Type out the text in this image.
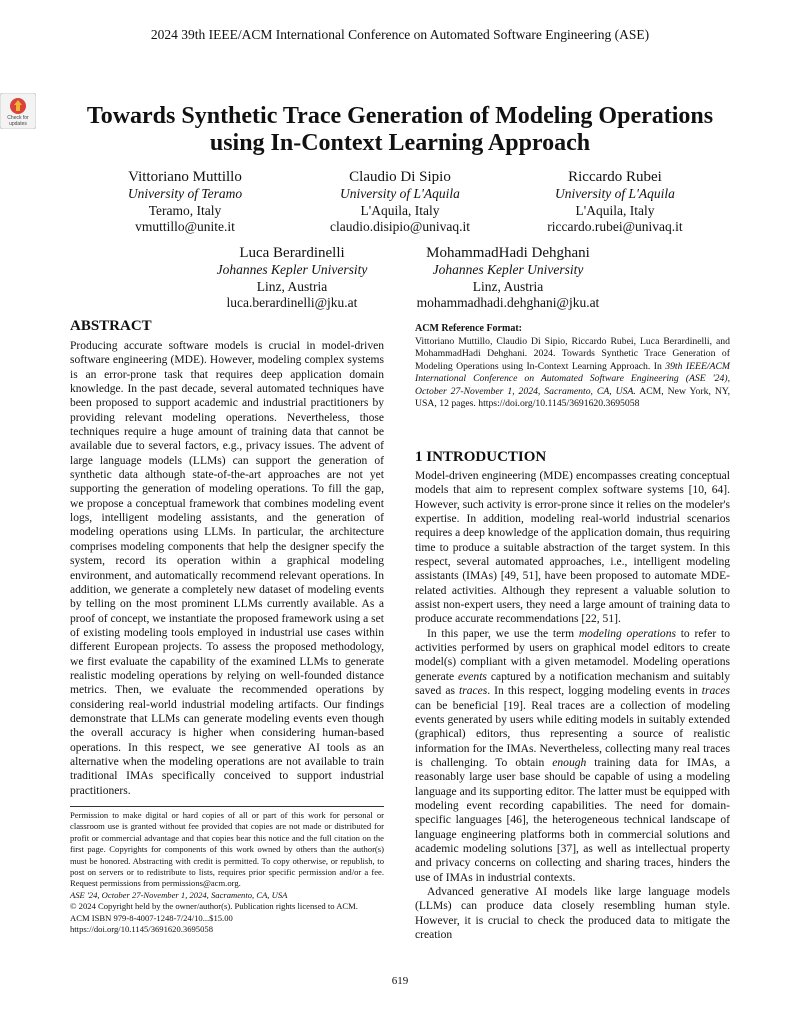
2024 39th IEEE/ACM International Conference on Automated Software Engineering (ASE)
Check for updates	Towards Synthetic Trace Generation of Modeling Operations
using In-Context Learning Approach
Vittoriano Muttillo
University of Teramo
Teramo, Italy
vmuttillo@unite.it
Claudio Di Sipio
University of L'Aquila
L'Aquila, Italy
claudio.disipio@univaq.it
Riccardo Rubei
University of L'Aquila
L'Aquila, Italy
riccardo.rubei@univaq.it
Luca Berardinelli
Johannes Kepler University
Linz, Austria
luca.berardinelli@jku.at
MohammadHadi Dehghani
Johannes Kepler University
Linz, Austria
mohammadhadi.dehghani@jku.at
ABSTRACT
Producing accurate software models is crucial in model-driven software engineering (MDE). However, modeling complex systems is an error-prone task that requires deep application domain knowledge. In the past decade, several automated techniques have been proposed to support academic and industrial practitioners by providing relevant modeling operations. Nevertheless, those techniques require a huge amount of training data that cannot be available due to several factors, e.g., privacy issues. The advent of large language models (LLMs) can support the generation of synthetic data although state-of-the-art approaches are not yet supporting the generation of modeling operations. To fill the gap, we propose a conceptual framework that combines modeling event logs, intelligent modeling assistants, and the generation of modeling operations using LLMs. In particular, the architecture comprises modeling components that help the designer specify the system, record its operation within a graphical modeling environment, and automatically recommend relevant operations. In addition, we generate a completely new dataset of modeling events by telling on the most prominent LLMs currently available. As a proof of concept, we instantiate the proposed framework using a set of existing modeling tools employed in industrial use cases within different European projects. To assess the proposed methodology, we first evaluate the capability of the examined LLMs to generate realistic modeling operations by relying on well-founded distance metrics. Then, we evaluate the recommended operations by considering real-world industrial modeling artifacts. Our findings demonstrate that LLMs can generate modeling events even though the overall accuracy is higher when considering human-based operations. In this respect, we see generative AI tools as an alternative when the modeling operations are not available to train traditional IMAs specifically conceived to support industrial practitioners.
Permission to make digital or hard copies of all or part of this work for personal or classroom use is granted without fee provided that copies are not made or distributed for profit or commercial advantage and that copies bear this notice and the full citation on the first page. Copyrights for components of this work owned by others than the author(s) must be honored. Abstracting with credit is permitted. To copy otherwise, or republish, to post on servers or to redistribute to lists, requires prior specific permission and/or a fee. Request permissions from permissions@acm.org.
ASE '24, October 27-November 1, 2024, Sacramento, CA, USA
© 2024 Copyright held by the owner/author(s). Publication rights licensed to ACM.
ACM ISBN 979-8-4007-1248-7/24/10...$15.00
https://doi.org/10.1145/3691620.3695058
ACM Reference Format:
Vittoriano Muttillo, Claudio Di Sipio, Riccardo Rubei, Luca Berardinelli, and MohammadHadi Dehghani. 2024. Towards Synthetic Trace Generation of Modeling Operations using In-Context Learning Approach. In 39th IEEE/ACM International Conference on Automated Software Engineering (ASE '24), October 27-November 1, 2024, Sacramento, CA, USA. ACM, New York, NY, USA, 12 pages. https://doi.org/10.1145/3691620.3695058
1 INTRODUCTION

Model-driven engineering (MDE) encompasses creating conceptual models that aim to represent complex software systems [10, 64]. However, such activity is error-prone since it relies on the modeler's expertise. In addition, modeling real-world industrial scenarios requires a deep knowledge of the application domain, thus requiring time to produce a suitable abstraction of the target system. In this respect, several automated approaches, i.e., intelligent modeling assistants (IMAs) [49, 51], have been proposed to automate MDE-related activities. Although they represent a valuable solution to assist non-expert users, they need a large amount of training data to produce accurate recommendations [22, 51].

In this paper, we use the term modeling operations to refer to activities performed by users on graphical model editors to create model(s) compliant with a given metamodel. Modeling operations generate events captured by a notification mechanism and suitably saved as traces. In this respect, logging modeling events in traces can be beneficial [19]. Real traces are a collection of modeling events generated by users while editing models in suitably extended (graphical) editors, thus representing a source of realistic information for the IMAs. Nevertheless, collecting many real traces is challenging. To obtain enough training data for IMAs, a reasonably large user base should be capable of using a modeling language and its supporting editor. The latter must be equipped with modeling event recording capabilities. The need for domain-specific languages [46], the heterogeneous technical landscape of language engineering platforms both in commercial solutions and academic modeling solutions [37], as well as intellectual property and privacy concerns on collecting and sharing traces, hinders the use of IMAs in industrial contexts.

Advanced generative AI models like large language models (LLMs) can produce data closely resembling human style. However, it is crucial to check the produced data to mitigate the creation

619
